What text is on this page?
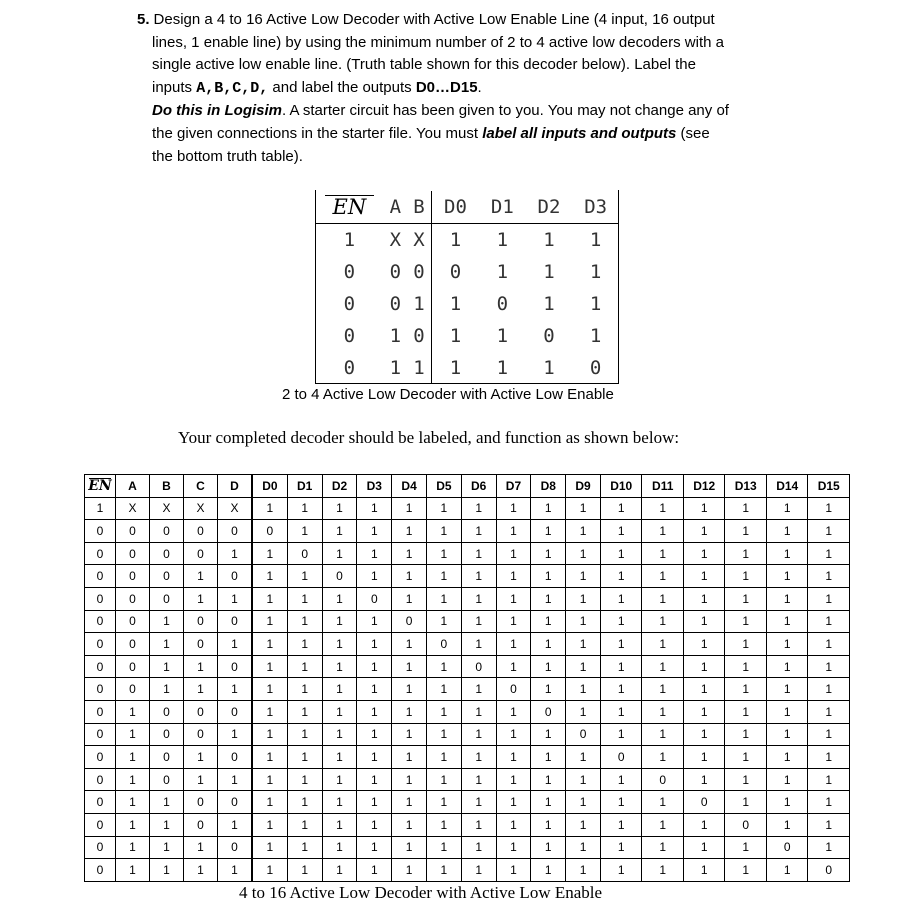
5. Design a 4 to 16 Active Low Decoder with Active Low Enable Line (4 input, 16 output

lines, 1 enable line) by using the minimum number of 2 to 4 active low decoders with a

single active low enable line. (Truth table shown for this decoder below). Label the

inputs A,B,C,D, and label the outputs D0…D15.

Do this in Logisim. A starter circuit has been given to you. You may not change any of

the given connections in the starter file. You must label all inputs and outputs (see

the bottom truth table).

EN	A	B	D0	D1	D2	D3
1	X	X	1	1	1	1
0	0	0	0	1	1	1
0	0	1	1	0	1	1
0	1	0	1	1	0	1
0	1	1	1	1	1	0
2 to 4 Active Low Decoder with Active Low Enable
Your completed decoder should be labeled, and function as shown below:
EN	A	B	C	D	D0	D1	D2	D3	D4	D5	D6	D7	D8	D9	D10	D11	D12	D13	D14	D15
1	X	X	X	X	1	1	1	1	1	1	1	1	1	1	1	1	1	1	1	1
0	0	0	0	0	0	1	1	1	1	1	1	1	1	1	1	1	1	1	1	1
0	0	0	0	1	1	0	1	1	1	1	1	1	1	1	1	1	1	1	1	1
0	0	0	1	0	1	1	0	1	1	1	1	1	1	1	1	1	1	1	1	1
0	0	0	1	1	1	1	1	0	1	1	1	1	1	1	1	1	1	1	1	1
0	0	1	0	0	1	1	1	1	0	1	1	1	1	1	1	1	1	1	1	1
0	0	1	0	1	1	1	1	1	1	0	1	1	1	1	1	1	1	1	1	1
0	0	1	1	0	1	1	1	1	1	1	0	1	1	1	1	1	1	1	1	1
0	0	1	1	1	1	1	1	1	1	1	1	0	1	1	1	1	1	1	1	1
0	1	0	0	0	1	1	1	1	1	1	1	1	0	1	1	1	1	1	1	1
0	1	0	0	1	1	1	1	1	1	1	1	1	1	0	1	1	1	1	1	1
0	1	0	1	0	1	1	1	1	1	1	1	1	1	1	0	1	1	1	1	1
0	1	0	1	1	1	1	1	1	1	1	1	1	1	1	1	0	1	1	1	1
0	1	1	0	0	1	1	1	1	1	1	1	1	1	1	1	1	0	1	1	1
0	1	1	0	1	1	1	1	1	1	1	1	1	1	1	1	1	1	0	1	1
0	1	1	1	0	1	1	1	1	1	1	1	1	1	1	1	1	1	1	0	1
0	1	1	1	1	1	1	1	1	1	1	1	1	1	1	1	1	1	1	1	0
4 to 16 Active Low Decoder with Active Low Enable
